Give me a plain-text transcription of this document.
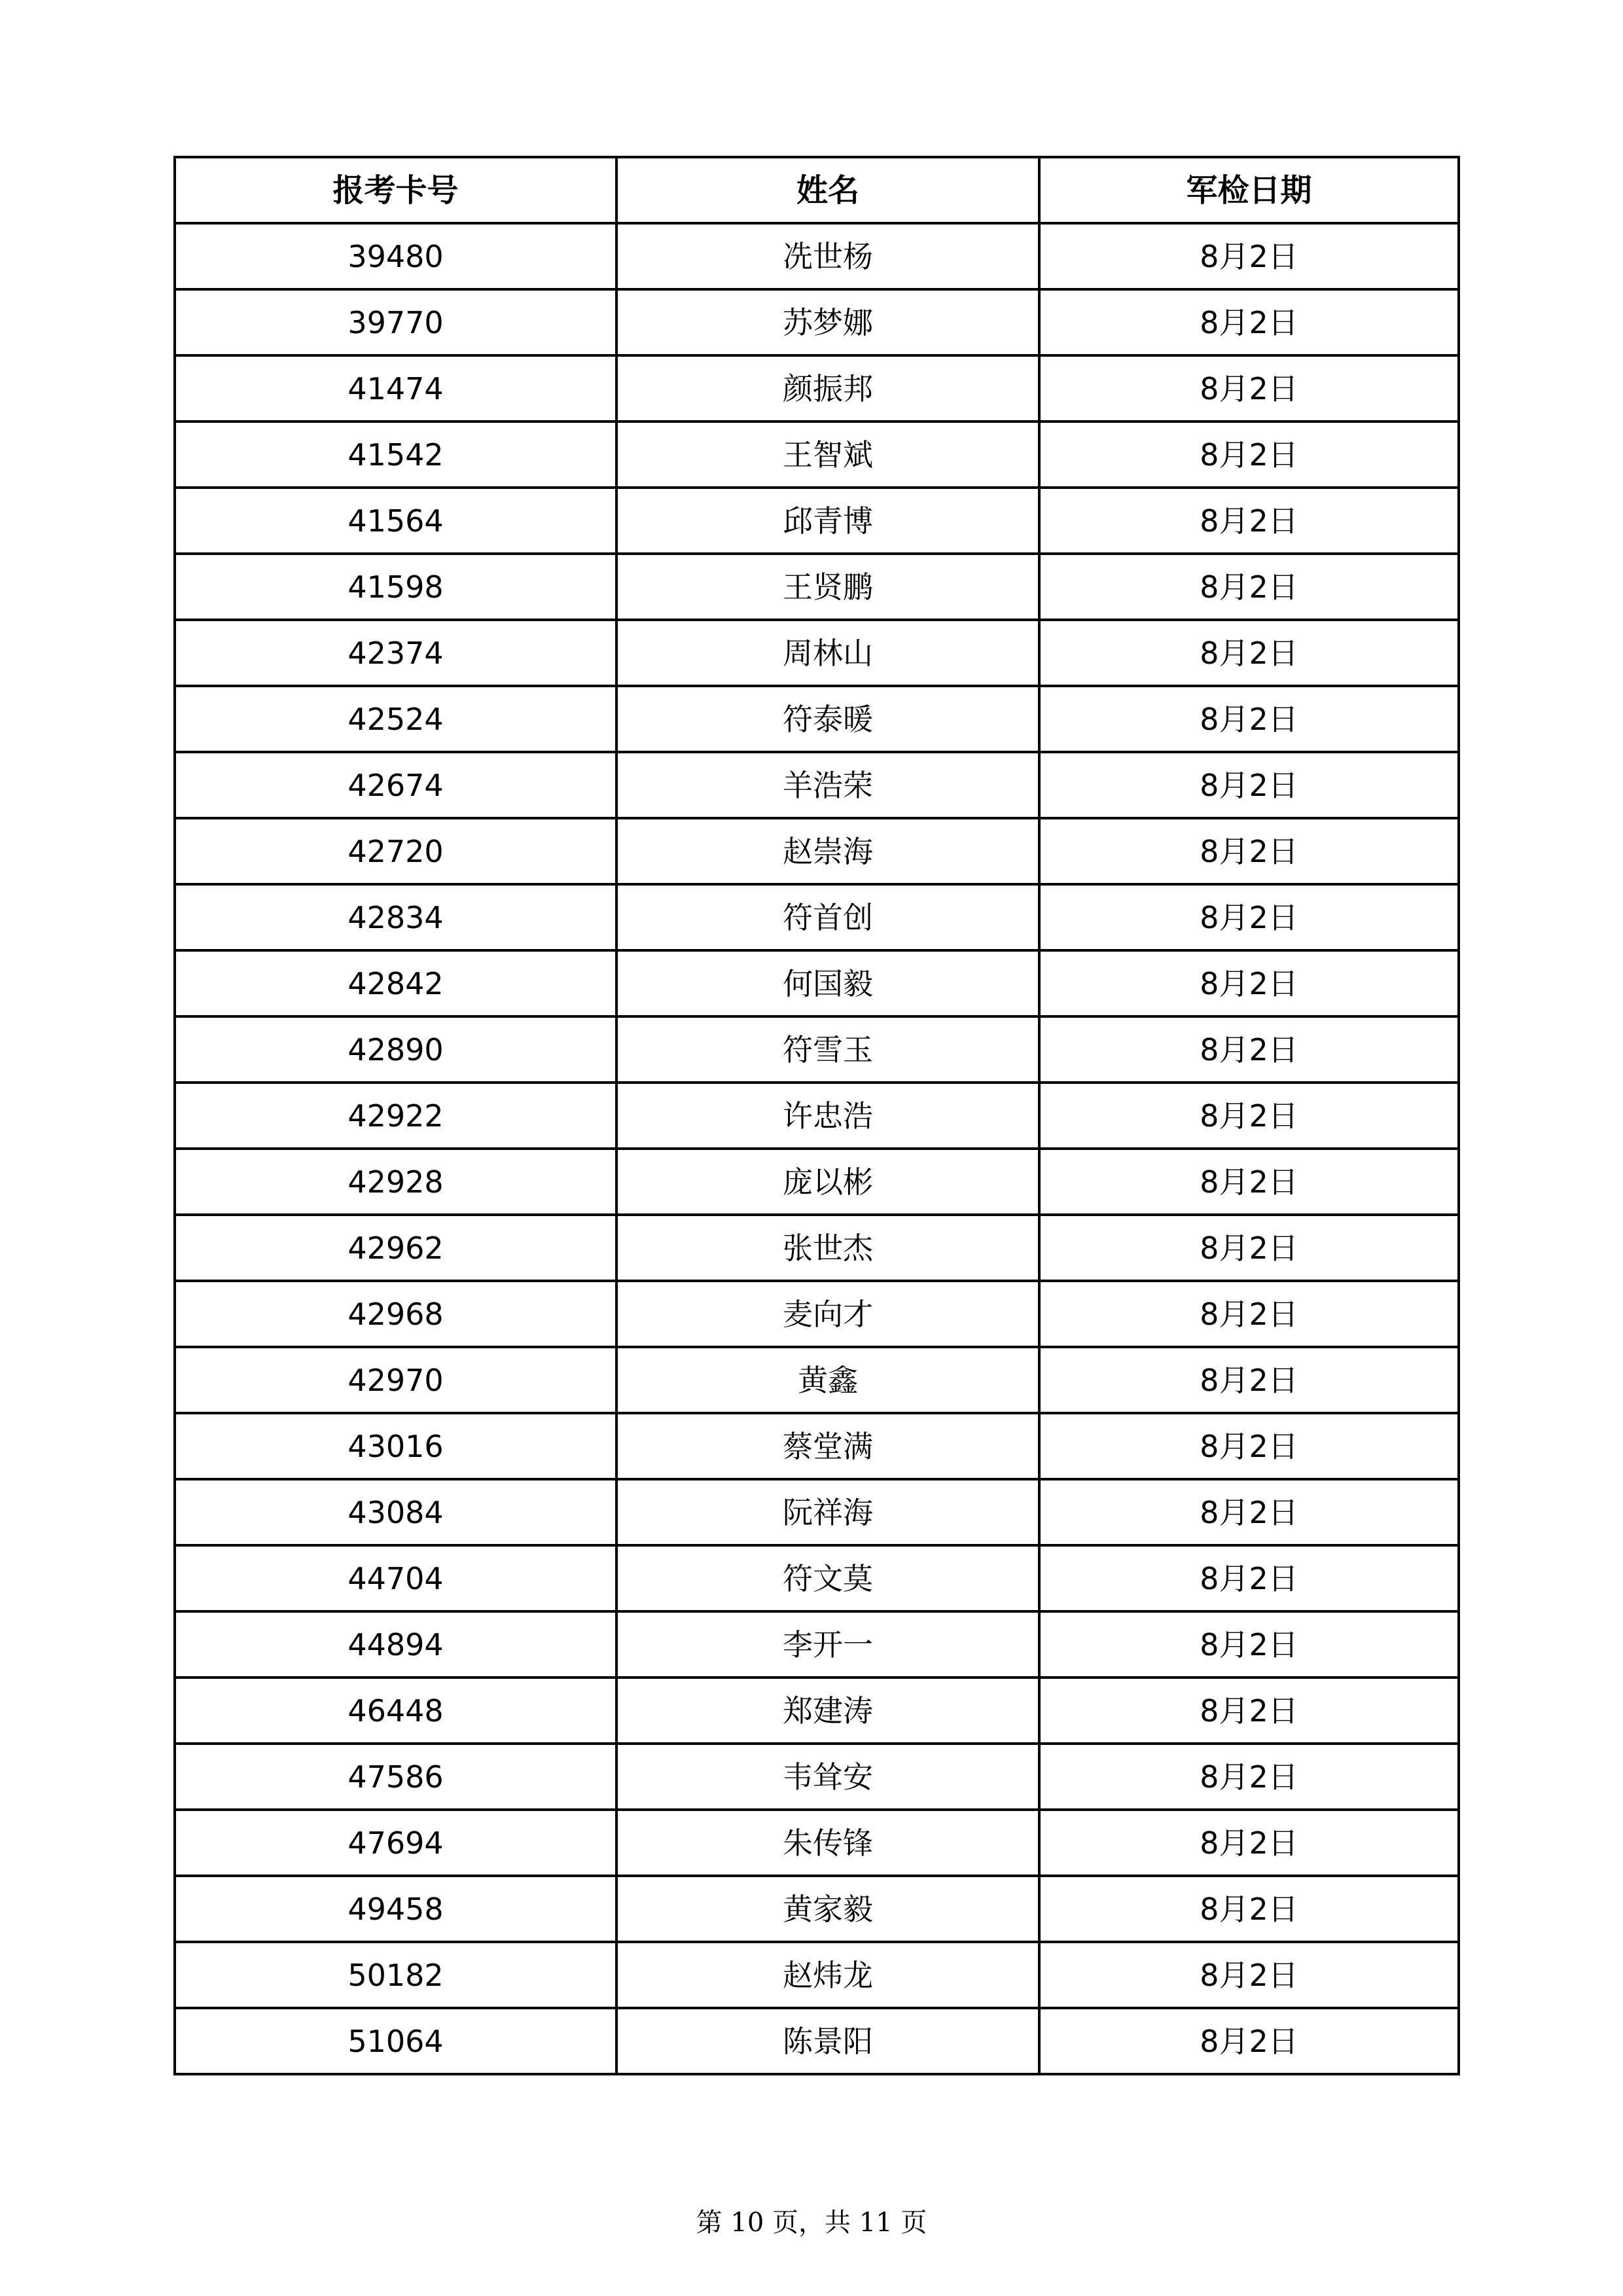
报考卡号	姓名	军检日期
39480	冼世杨	8月2日
39770	苏梦娜	8月2日
41474	颜振邦	8月2日
41542	王智斌	8月2日
41564	邱青博	8月2日
41598	王贤鹏	8月2日
42374	周林山	8月2日
42524	符泰暖	8月2日
42674	羊浩荣	8月2日
42720	赵崇海	8月2日
42834	符首创	8月2日
42842	何国毅	8月2日
42890	符雪玉	8月2日
42922	许忠浩	8月2日
42928	庞以彬	8月2日
42962	张世杰	8月2日
42968	麦向才	8月2日
42970	黄鑫	8月2日
43016	蔡堂满	8月2日
43084	阮祥海	8月2日
44704	符文莫	8月2日
44894	李开一	8月2日
46448	郑建涛	8月2日
47586	韦耸安	8月2日
47694	朱传锋	8月2日
49458	黄家毅	8月2日
50182	赵炜龙	8月2日
51064	陈景阳	8月2日
第 10 页，共 11 页
